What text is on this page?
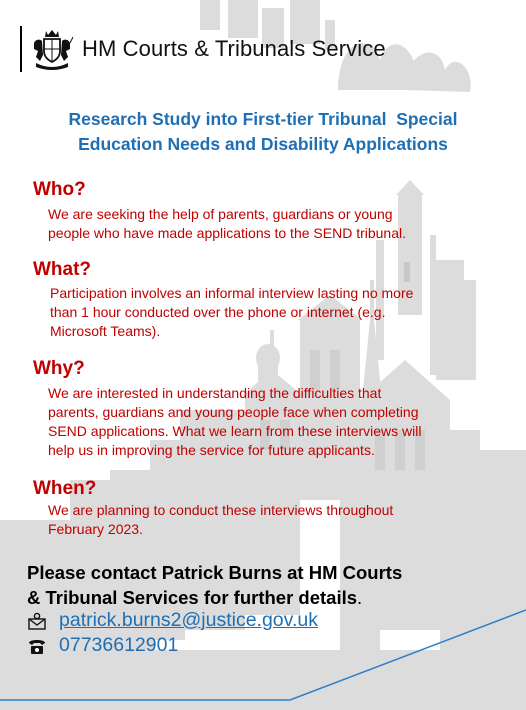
HM Courts & Tribunals Service
Research Study into First-tier Tribunal  Special
Education Needs and Disability Applications
Who?
We are seeking the help of parents, guardians or young
people who have made applications to the SEND tribunal.
What?
Participation involves an informal interview lasting no more
than 1 hour conducted over the phone or internet (e.g.
Microsoft Teams).
Why?
We are interested in understanding the difficulties that
parents, guardians and young people face when completing
SEND applications. What we learn from these interviews will
help us in improving the service for future applicants.
When?
We are planning to conduct these interviews throughout
February 2023.
Please contact Patrick Burns at HM Courts
& Tribunal Services for further details.
patrick.burns2@justice.gov.uk
07736612901
